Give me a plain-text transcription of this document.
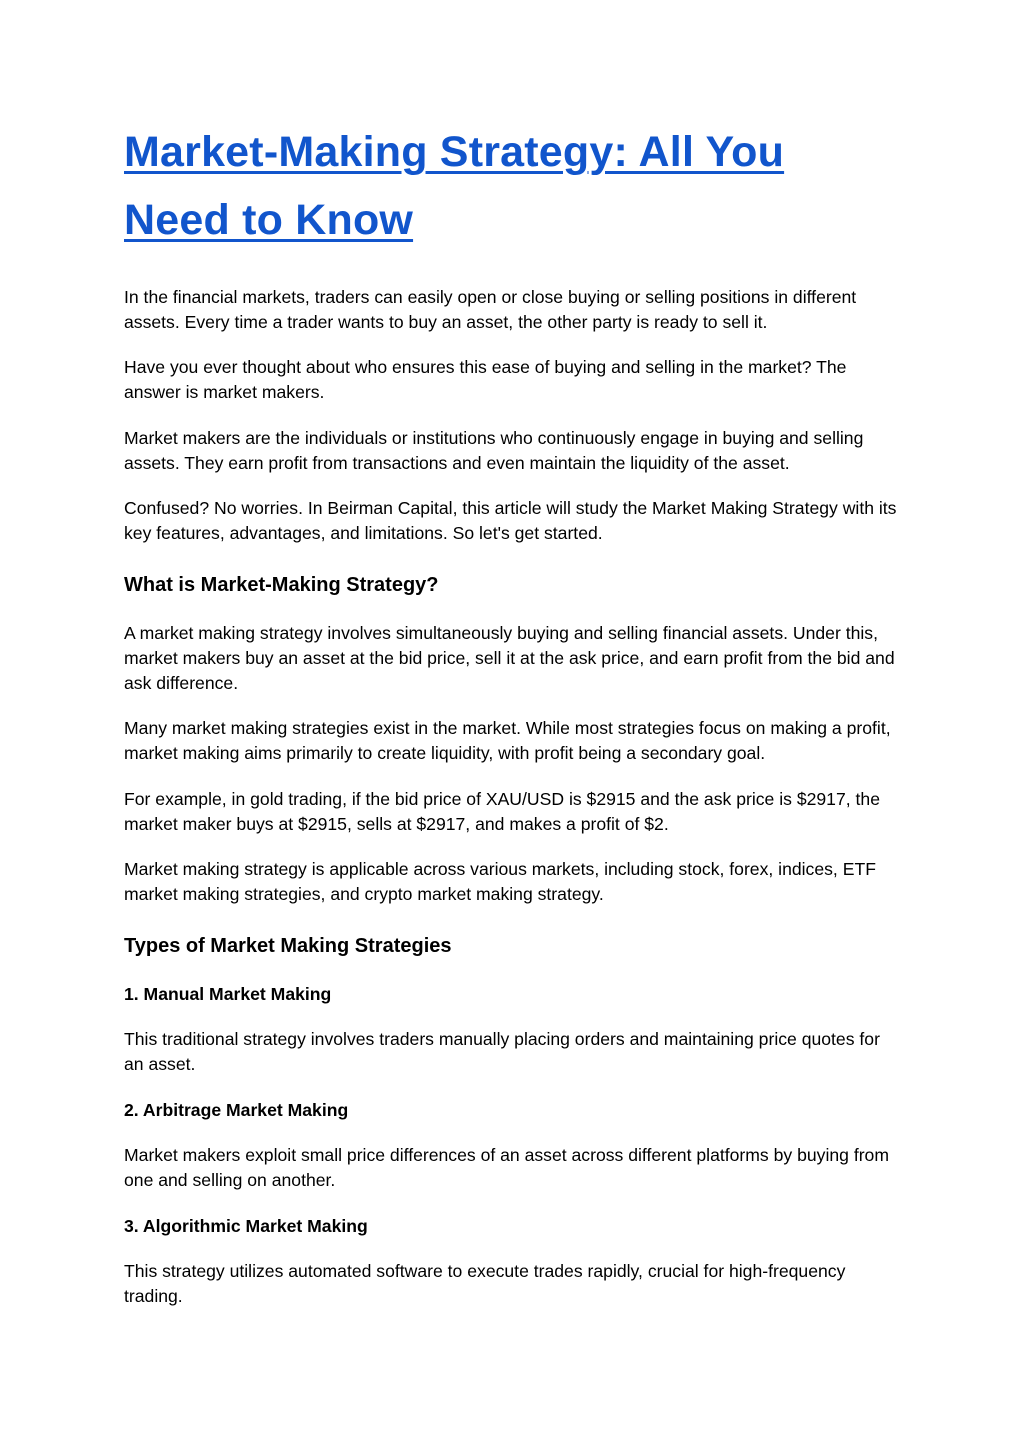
Market-Making Strategy: All You
Need to Know

In the financial markets, traders can easily open or close buying or selling positions in different assets. Every time a trader wants to buy an asset, the other party is ready to sell it.

Have you ever thought about who ensures this ease of buying and selling in the market? The answer is market makers.

Market makers are the individuals or institutions who continuously engage in buying and selling assets. They earn profit from transactions and even maintain the liquidity of the asset.

Confused? No worries. In Beirman Capital, this article will study the Market Making Strategy with its key features, advantages, and limitations. So let's get started.

What is Market-Making Strategy?

A market making strategy involves simultaneously buying and selling financial assets. Under this, market makers buy an asset at the bid price, sell it at the ask price, and earn profit from the bid and ask difference.

Many market making strategies exist in the market. While most strategies focus on making a profit, market making aims primarily to create liquidity, with profit being a secondary goal.

For example, in gold trading, if the bid price of XAU/USD is $2915 and the ask price is $2917, the market maker buys at $2915, sells at $2917, and makes a profit of $2.

Market making strategy is applicable across various markets, including stock, forex, indices, ETF market making strategies, and crypto market making strategy.

Types of Market Making Strategies
1. Manual Market Making

This traditional strategy involves traders manually placing orders and maintaining price quotes for an asset.

2. Arbitrage Market Making

Market makers exploit small price differences of an asset across different platforms by buying from one and selling on another.

3. Algorithmic Market Making

This strategy utilizes automated software to execute trades rapidly, crucial for high-frequency trading.
